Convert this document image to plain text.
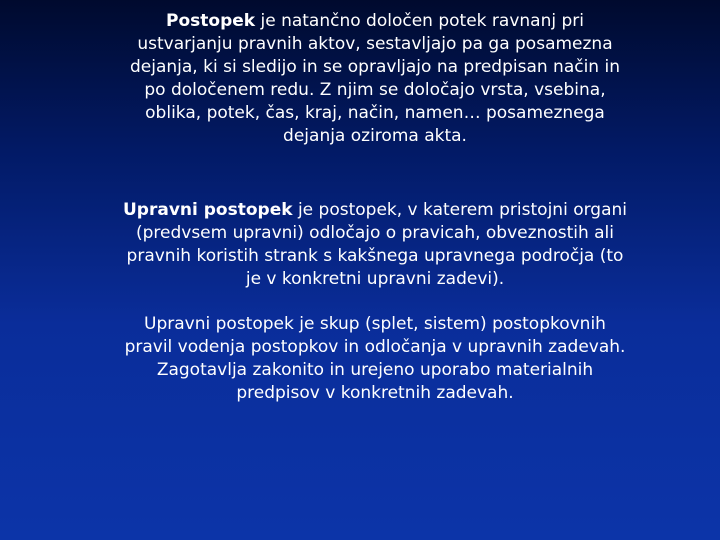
Postopek je natančno določen potek ravnanj pri ustvarjanju pravnih aktov, sestavljajo pa ga posamezna dejanja, ki si sledijo in se opravljajo na predpisan način in po določenem redu. Z njim se določajo vrsta, vsebina, oblika, potek, čas, kraj, način, namen… posameznega dejanja oziroma akta.

Upravni postopek je postopek, v katerem pristojni organi (predvsem upravni) odločajo o pravicah, obveznostih ali pravnih koristih strank s kakšnega upravnega področja (to je v konkretni upravni zadevi).

Upravni postopek je skup (splet, sistem) postopkovnih pravil vodenja postopkov in odločanja v upravnih zadevah. Zagotavlja zakonito in urejeno uporabo materialnih predpisov v konkretnih zadevah.
